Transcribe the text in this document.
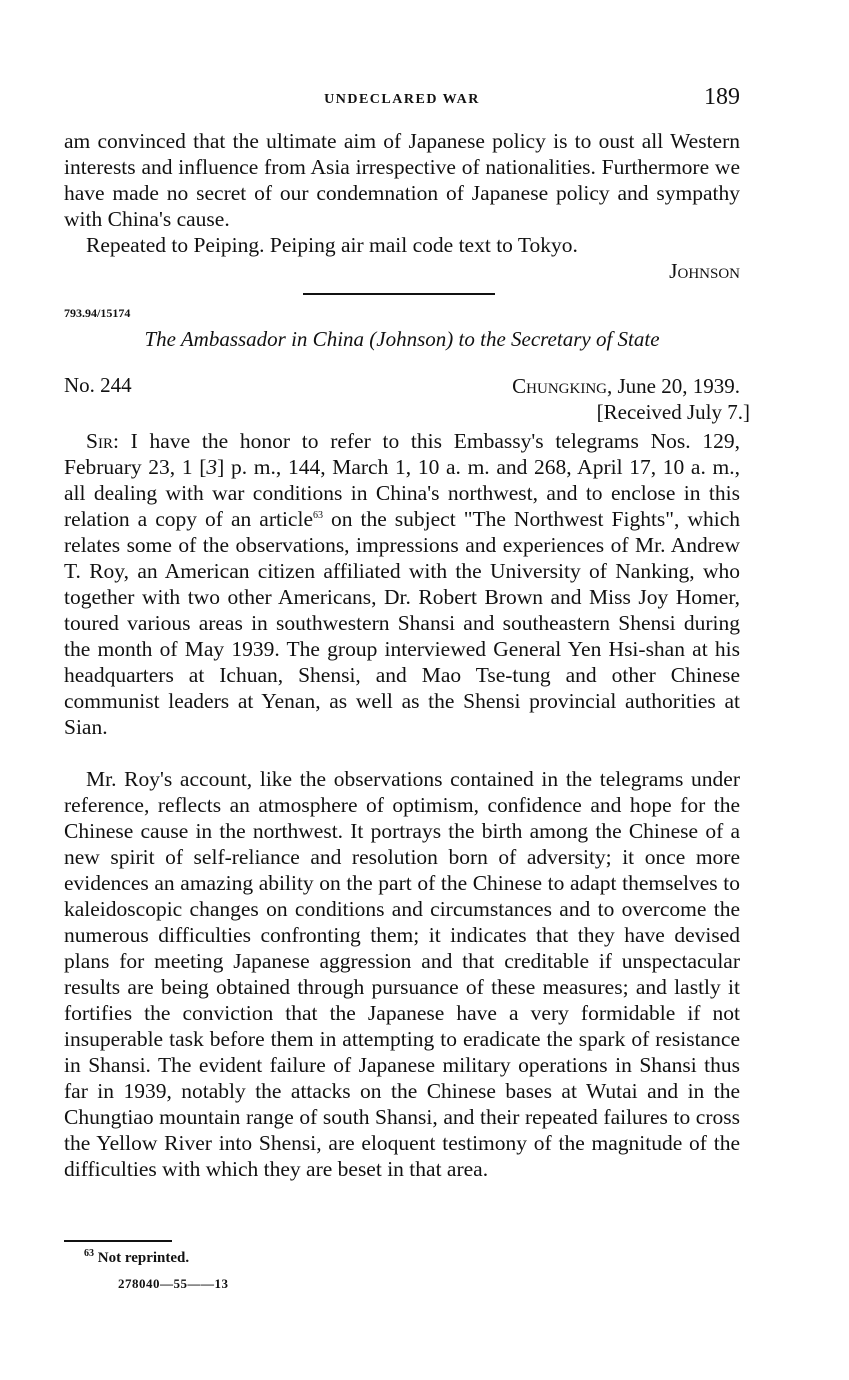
UNDECLARED WAR	189

am convinced that the ultimate aim of Japanese policy is to oust all Western interests and influence from Asia irrespective of nationalities. Furthermore we have made no secret of our condemnation of Japanese policy and sympathy with China's cause.

Repeated to Peiping. Peiping air mail code text to Tokyo.

Johnson

793.94/15174
The Ambassador in China (Johnson) to the Secretary of State
No. 244	Chungking, June 20, 1939.
[Received July 7.]

Sir: I have the honor to refer to this Embassy's telegrams Nos. 129, February 23, 1 [3] p. m., 144, March 1, 10 a. m. and 268, April 17, 10 a. m., all dealing with war conditions in China's northwest, and to enclose in this relation a copy of an article$^{63}$ on the subject "The Northwest Fights", which relates some of the observations, impressions and experiences of Mr. Andrew T. Roy, an American citizen affiliated with the University of Nanking, who together with two other Americans, Dr. Robert Brown and Miss Joy Homer, toured various areas in southwestern Shansi and southeastern Shensi during the month of May 1939. The group interviewed General Yen Hsi-shan at his headquarters at Ichuan, Shensi, and Mao Tse-tung and other Chinese communist leaders at Yenan, as well as the Shensi provincial authorities at Sian.

Mr. Roy's account, like the observations contained in the telegrams under reference, reflects an atmosphere of optimism, confidence and hope for the Chinese cause in the northwest. It portrays the birth among the Chinese of a new spirit of self-reliance and resolution born of adversity; it once more evidences an amazing ability on the part of the Chinese to adapt themselves to kaleidoscopic changes on conditions and circumstances and to overcome the numerous difficulties confronting them; it indicates that they have devised plans for meeting Japanese aggression and that creditable if unspectacular results are being obtained through pursuance of these measures; and lastly it fortifies the conviction that the Japanese have a very formidable if not insuperable task before them in attempting to eradicate the spark of resistance in Shansi. The evident failure of Japanese military operations in Shansi thus far in 1939, notably the attacks on the Chinese bases at Wutai and in the Chungtiao mountain range of south Shansi, and their repeated failures to cross the Yellow River into Shensi, are eloquent testimony of the magnitude of the difficulties with which they are beset in that area.

$^{63}$ Not reprinted.
278040—55——13
